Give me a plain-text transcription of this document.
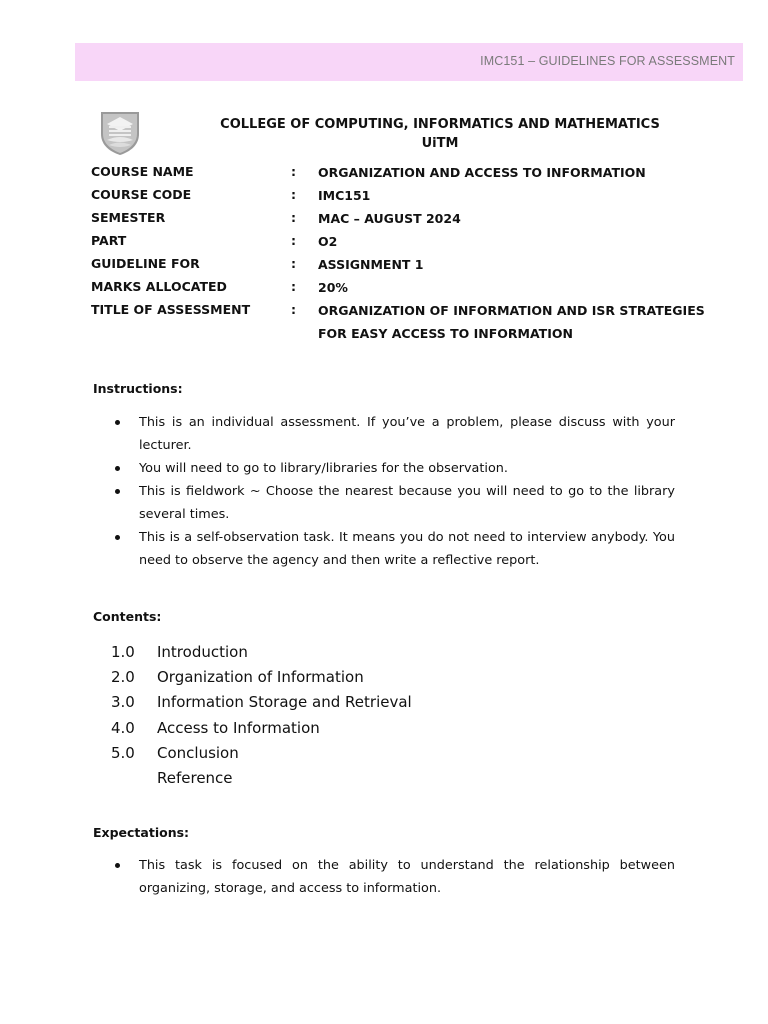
IMC151 – GUIDELINES FOR ASSESSMENT
COLLEGE OF COMPUTING, INFORMATICS AND MATHEMATICS
UiTM
COURSE NAME	:	ORGANIZATION AND ACCESS TO INFORMATION
COURSE CODE	:	IMC151
SEMESTER	:	MAC – AUGUST 2024
PART	:	O2
GUIDELINE FOR	:	ASSIGNMENT 1
MARKS ALLOCATED	:	20%
TITLE OF ASSESSMENT	:	ORGANIZATION OF INFORMATION AND ISR STRATEGIES FOR EASY ACCESS TO INFORMATION
Instructions:
This is an individual assessment. If you’ve a problem, please discuss with your lecturer.
You will need to go to library/libraries for the observation.
This is fieldwork ~ Choose the nearest because you will need to go to the library several times.
This is a self-observation task. It means you do not need to interview anybody. You need to observe the agency and then write a reflective report.
Contents:
1.0	Introduction
2.0	Organization of Information
3.0	Information Storage and Retrieval
4.0	Access to Information
5.0	Conclusion
Reference
Expectations:
This task is focused on the ability to understand the relationship between organizing, storage, and access to information.
